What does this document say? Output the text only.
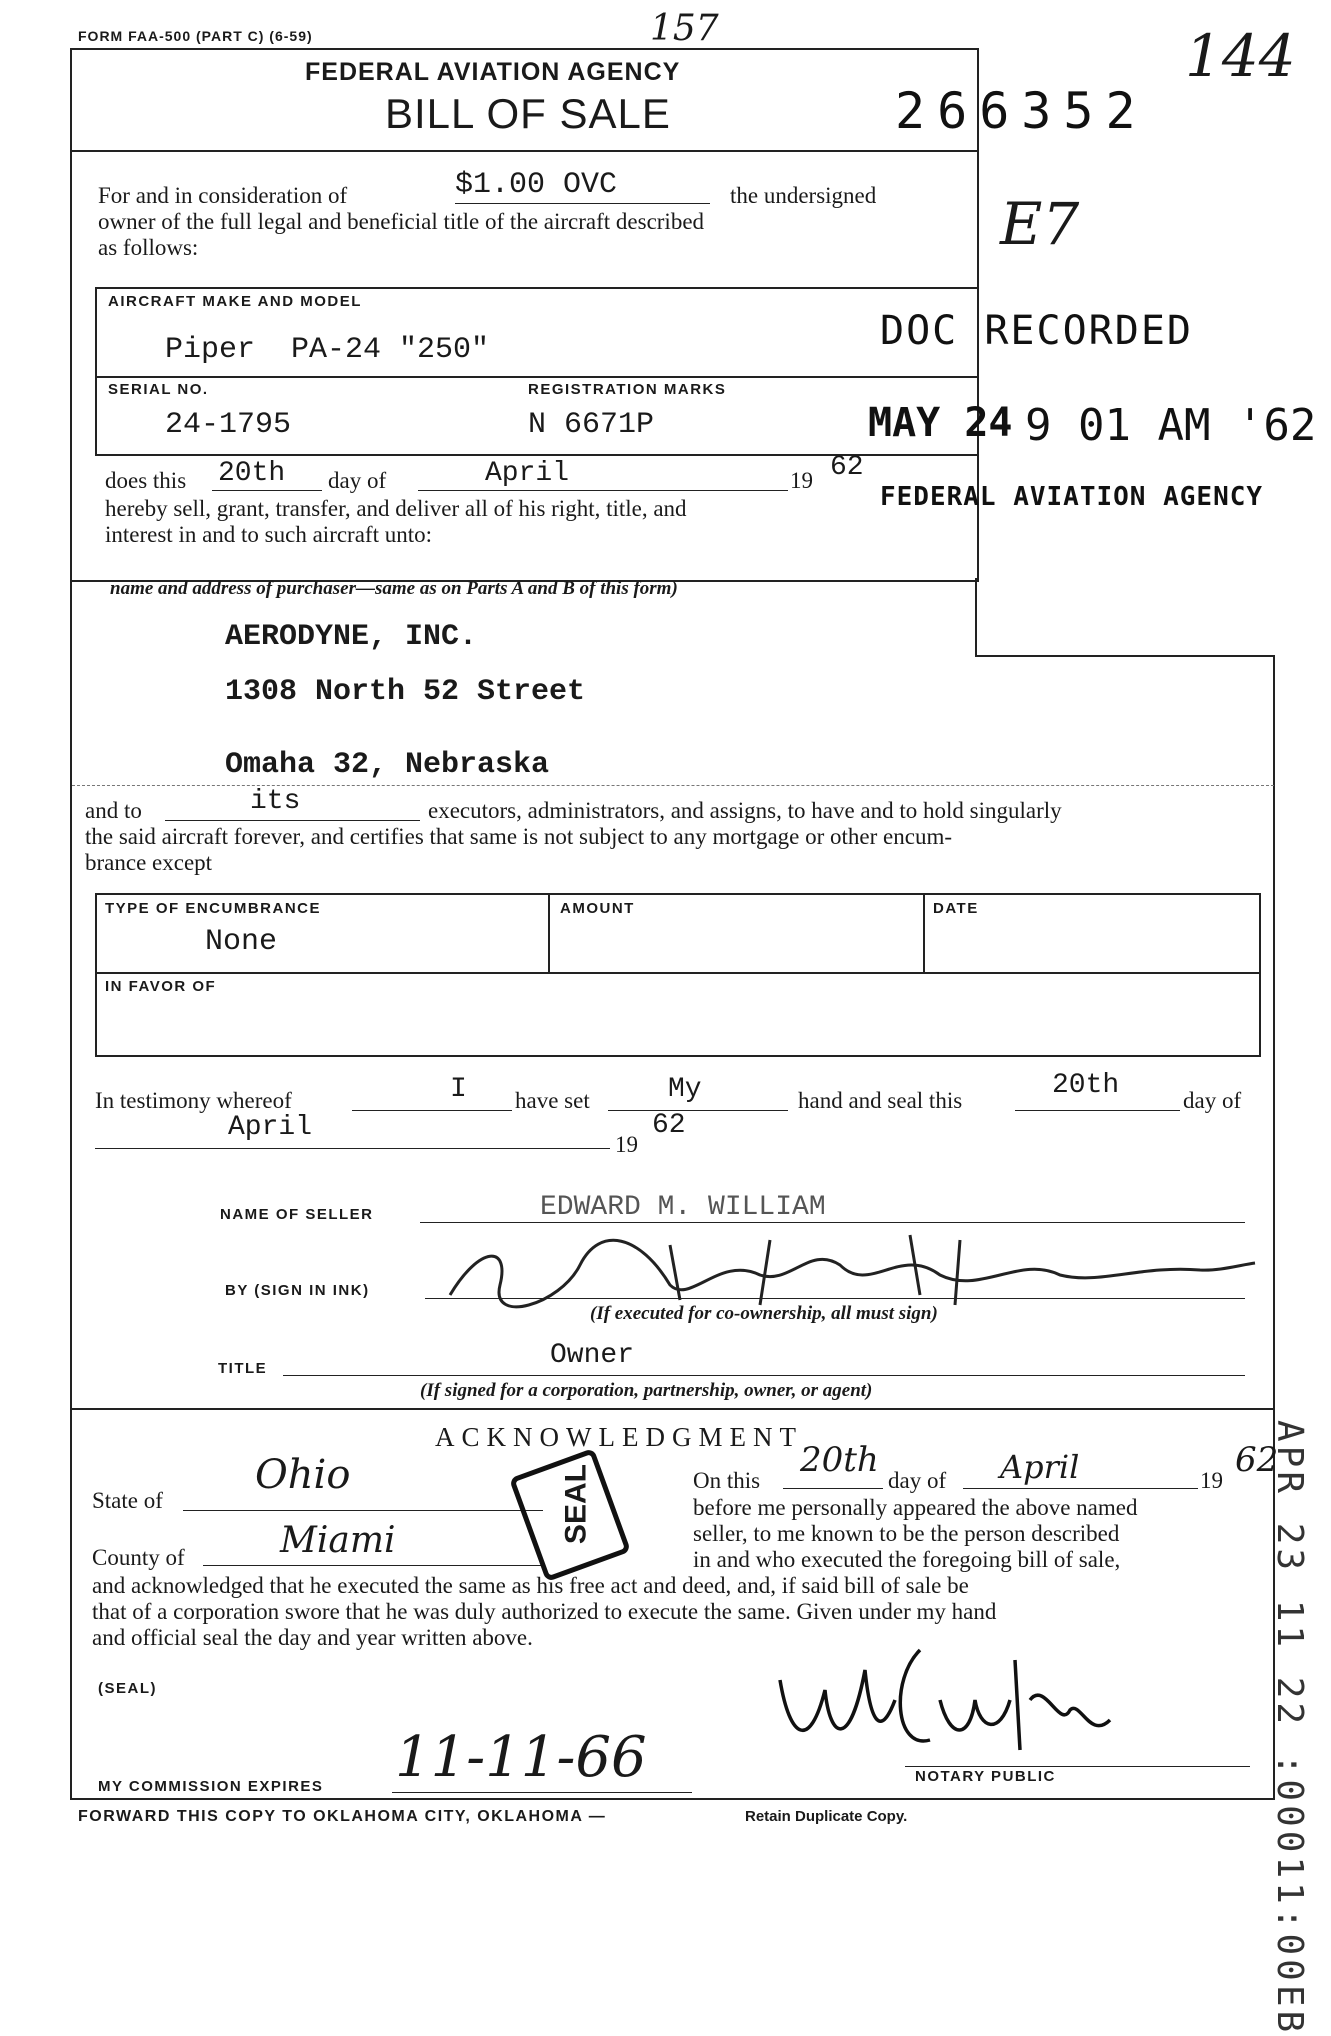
FORM FAA-500 (PART C) (6-59)	157	144
FEDERAL AVIATION AGENCY
BILL OF SALE	266352
E7
For and in consideration of	$1.00 OVC	the undersigned
owner of the full legal and beneficial title of the aircraft described
as follows:
AIRCRAFT MAKE AND MODEL
Piper  PA-24 "250"
SERIAL NO.
24-1795
REGISTRATION MARKS
N 6671P
DOC RECORDED
MAY 24 9 01 AM '62
FEDERAL AVIATION AGENCY
does this 20th day of	April	19 62
hereby sell, grant, transfer, and deliver all of his right, title, and
interest in and to such aircraft unto:
name and address of purchaser—same as on Parts A and B of this form)
AERODYNE, INC.
1308 North 52 Street
Omaha 32, Nebraska
and to	its	executors, administrators, and assigns, to have and to hold singularly
the said aircraft forever, and certifies that same is not subject to any mortgage or other encum-
brance except
TYPE OF ENCUMBRANCE
None
AMOUNT	DATE
IN FAVOR OF
In testimony whereof	I have set	My	hand and seal this	20th	day of
April
19
62
NAME OF SELLER	EDWARD M. WILLIAM
BY (SIGN IN INK)
(If executed for co-ownership, all must sign)
TITLE	Owner
(If signed for a corporation, partnership, owner, or agent)
ACKNOWLEDGMENT
State of
Ohio
County of	Miami	SEAL	On this
20th
day of April	19
62
before me personally appeared the above named
seller, to me known to be the person described
in and who executed the foregoing bill of sale,
and acknowledged that he executed the same as his free act and deed, and, if said bill of sale be
that of a corporation swore that he was duly authorized to execute the same. Given under my hand
and official seal the day and year written above.
(SEAL)
NOTARY PUBLIC
MY COMMISSION EXPIRES 11-11-66	APR 23 11 22 :00011:00EB
FORWARD THIS COPY TO OKLAHOMA CITY, OKLAHOMA —	Retain Duplicate Copy.
